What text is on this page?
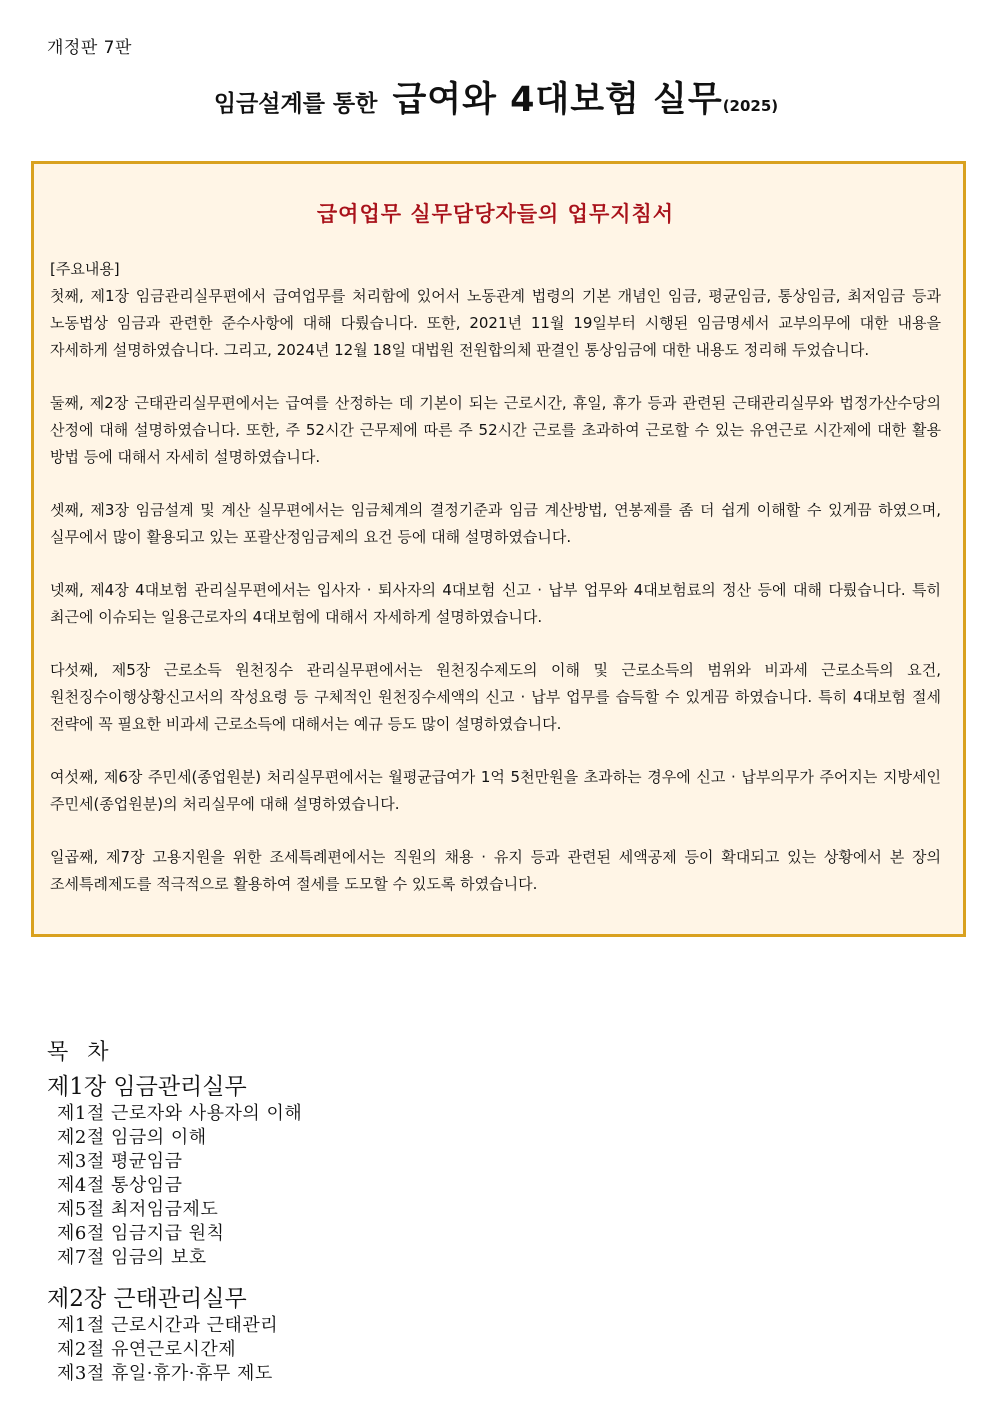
개정판 7판
임금설계를 통한 급여와 4대보험 실무(2025)
급여업무 실무담당자들의 업무지침서
[주요내용]

첫째, 제1장 임금관리실무편에서 급여업무를 처리함에 있어서 노동관계 법령의 기본 개념인 임금, 평균임금, 통상임금, 최저임금 등과 노동법상 임금과 관련한 준수사항에 대해 다뤘습니다. 또한, 2021년 11월 19일부터 시행된 임금명세서 교부의무에 대한 내용을 자세하게 설명하였습니다. 그리고, 2024년 12월 18일 대법원 전원합의체 판결인 통상임금에 대한 내용도 정리해 두었습니다.

둘째, 제2장 근태관리실무편에서는 급여를 산정하는 데 기본이 되는 근로시간, 휴일, 휴가 등과 관련된 근태관리실무와 법정가산수당의 산정에 대해 설명하였습니다. 또한, 주 52시간 근무제에 따른 주 52시간 근로를 초과하여 근로할 수 있는 유연근로 시간제에 대한 활용 방법 등에 대해서 자세히 설명하였습니다.

셋째, 제3장 임금설계 및 계산 실무편에서는 임금체계의 결정기준과 임금 계산방법, 연봉제를 좀 더 쉽게 이해할 수 있게끔 하였으며, 실무에서 많이 활용되고 있는 포괄산정임금제의 요건 등에 대해 설명하였습니다.

넷째, 제4장 4대보험 관리실무편에서는 입사자 · 퇴사자의 4대보험 신고 · 납부 업무와 4대보험료의 정산 등에 대해 다뤘습니다. 특히 최근에 이슈되는 일용근로자의 4대보험에 대해서 자세하게 설명하였습니다.

다섯째, 제5장 근로소득 원천징수 관리실무편에서는 원천징수제도의 이해 및 근로소득의 범위와 비과세 근로소득의 요건, 원천징수이행상황신고서의 작성요령 등 구체적인 원천징수세액의 신고 · 납부 업무를 습득할 수 있게끔 하였습니다. 특히 4대보험 절세 전략에 꼭 필요한 비과세 근로소득에 대해서는 예규 등도 많이 설명하였습니다.

여섯째, 제6장 주민세(종업원분) 처리실무편에서는 월평균급여가 1억 5천만원을 초과하는 경우에 신고 · 납부의무가 주어지는 지방세인 주민세(종업원분)의 처리실무에 대해 설명하였습니다.

일곱째, 제7장 고용지원을 위한 조세특례편에서는 직원의 채용 · 유지 등과 관련된 세액공제 등이 확대되고 있는 상황에서 본 장의 조세특례제도를 적극적으로 활용하여 절세를 도모할 수 있도록 하였습니다.

목 차
제1장 임금관리실무
제1절 근로자와 사용자의 이해
제2절 임금의 이해
제3절 평균임금
제4절 통상임금
제5절 최저임금제도
제6절 임금지급 원칙
제7절 임금의 보호
제2장 근태관리실무
제1절 근로시간과 근태관리
제2절 유연근로시간제
제3절 휴일·휴가·휴무 제도
